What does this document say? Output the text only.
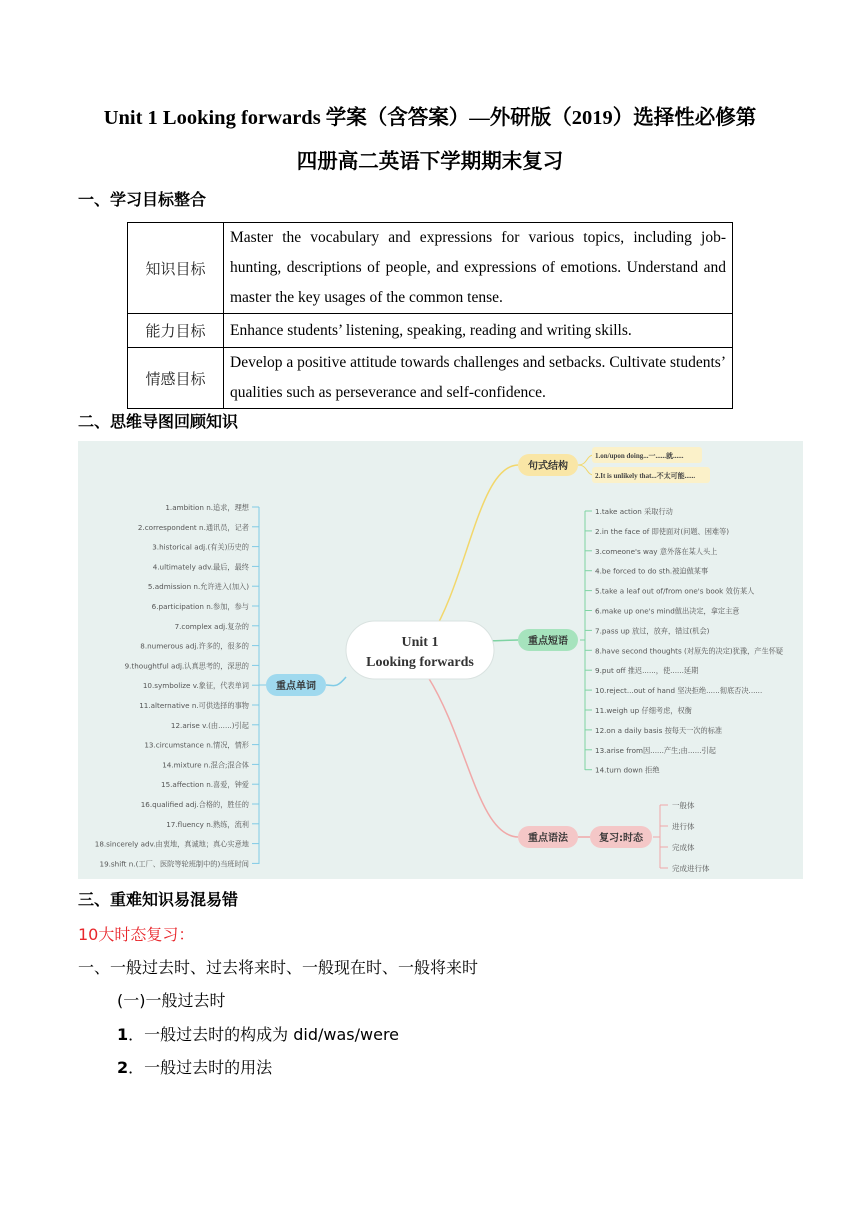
Unit 1 Looking forwards 学案（含答案）—外研版（2019）选择性必修第
四册高二英语下学期期末复习
一、学习目标整合
知识目标	Master the vocabulary and expressions for various topics, including job-hunting, descriptions of people, and expressions of emotions. Understand and master the key usages of the common tense.
能力目标	Enhance students’ listening, speaking, reading and writing skills.
情感目标	Develop a positive attitude towards challenges and setbacks. Cultivate students’ qualities such as perseverance and self-confidence.
二、思维导图回顾知识
Unit 1
Looking forwards
句式结构
重点短语
重点语法	复习:时态
重点单词
1.on/upon doing...一......就......
2.It is unlikely that...不太可能......
1.take action 采取行动
2.in the face of 即使面对(问题、困难等)
3.comeone's way 意外落在某人头上
4.be forced to do sth.被迫做某事
5.take a leaf out of/from one's book 效仿某人
6.make up one's mind做出决定，拿定主意
7.pass up 放过，放弃，错过(机会)
8.have second thoughts (对原先的决定)犹豫，产生怀疑
9.put off 推迟......，使......延期
10.reject...out of hand 坚决拒绝......彻底否决......
11.weigh up 仔细考虑，权衡
12.on a daily basis 按每天一次的标准
13.arise from因......产生;由......引起
14.turn down 拒绝
一般体
进行体
完成体
完成进行体
1.ambition n.追求，理想
2.correspondent n.通讯员，记者
3.historical adj.(有关)历史的
4.ultimately adv.最后，最终
5.admission n.允许进入(加入)
6.participation n.参加，参与
7.complex adj.复杂的
8.numerous adj.许多的，很多的
9.thoughtful adj.认真思考的，深思的
10.symbolize v.象征，代表单词
11.alternative n.可供选择的事物
12.arise v.(由......)引起
13.circumstance n.情况，情形
14.mixture n.混合;混合体
15.affection n.喜爱，钟爱
16.qualified adj.合格的，胜任的
17.fluency n.熟练，流利
18.sincerely adv.由衷地，真诚地；真心实意地
19.shift n.(工厂、医院等轮班制中的)当班时间
三、重难知识易混易错
10大时态复习：
一、一般过去时、过去将来时、一般现在时、一般将来时
(一)一般过去时
1．一般过去时的构成为 did/was/were
2．一般过去时的用法
